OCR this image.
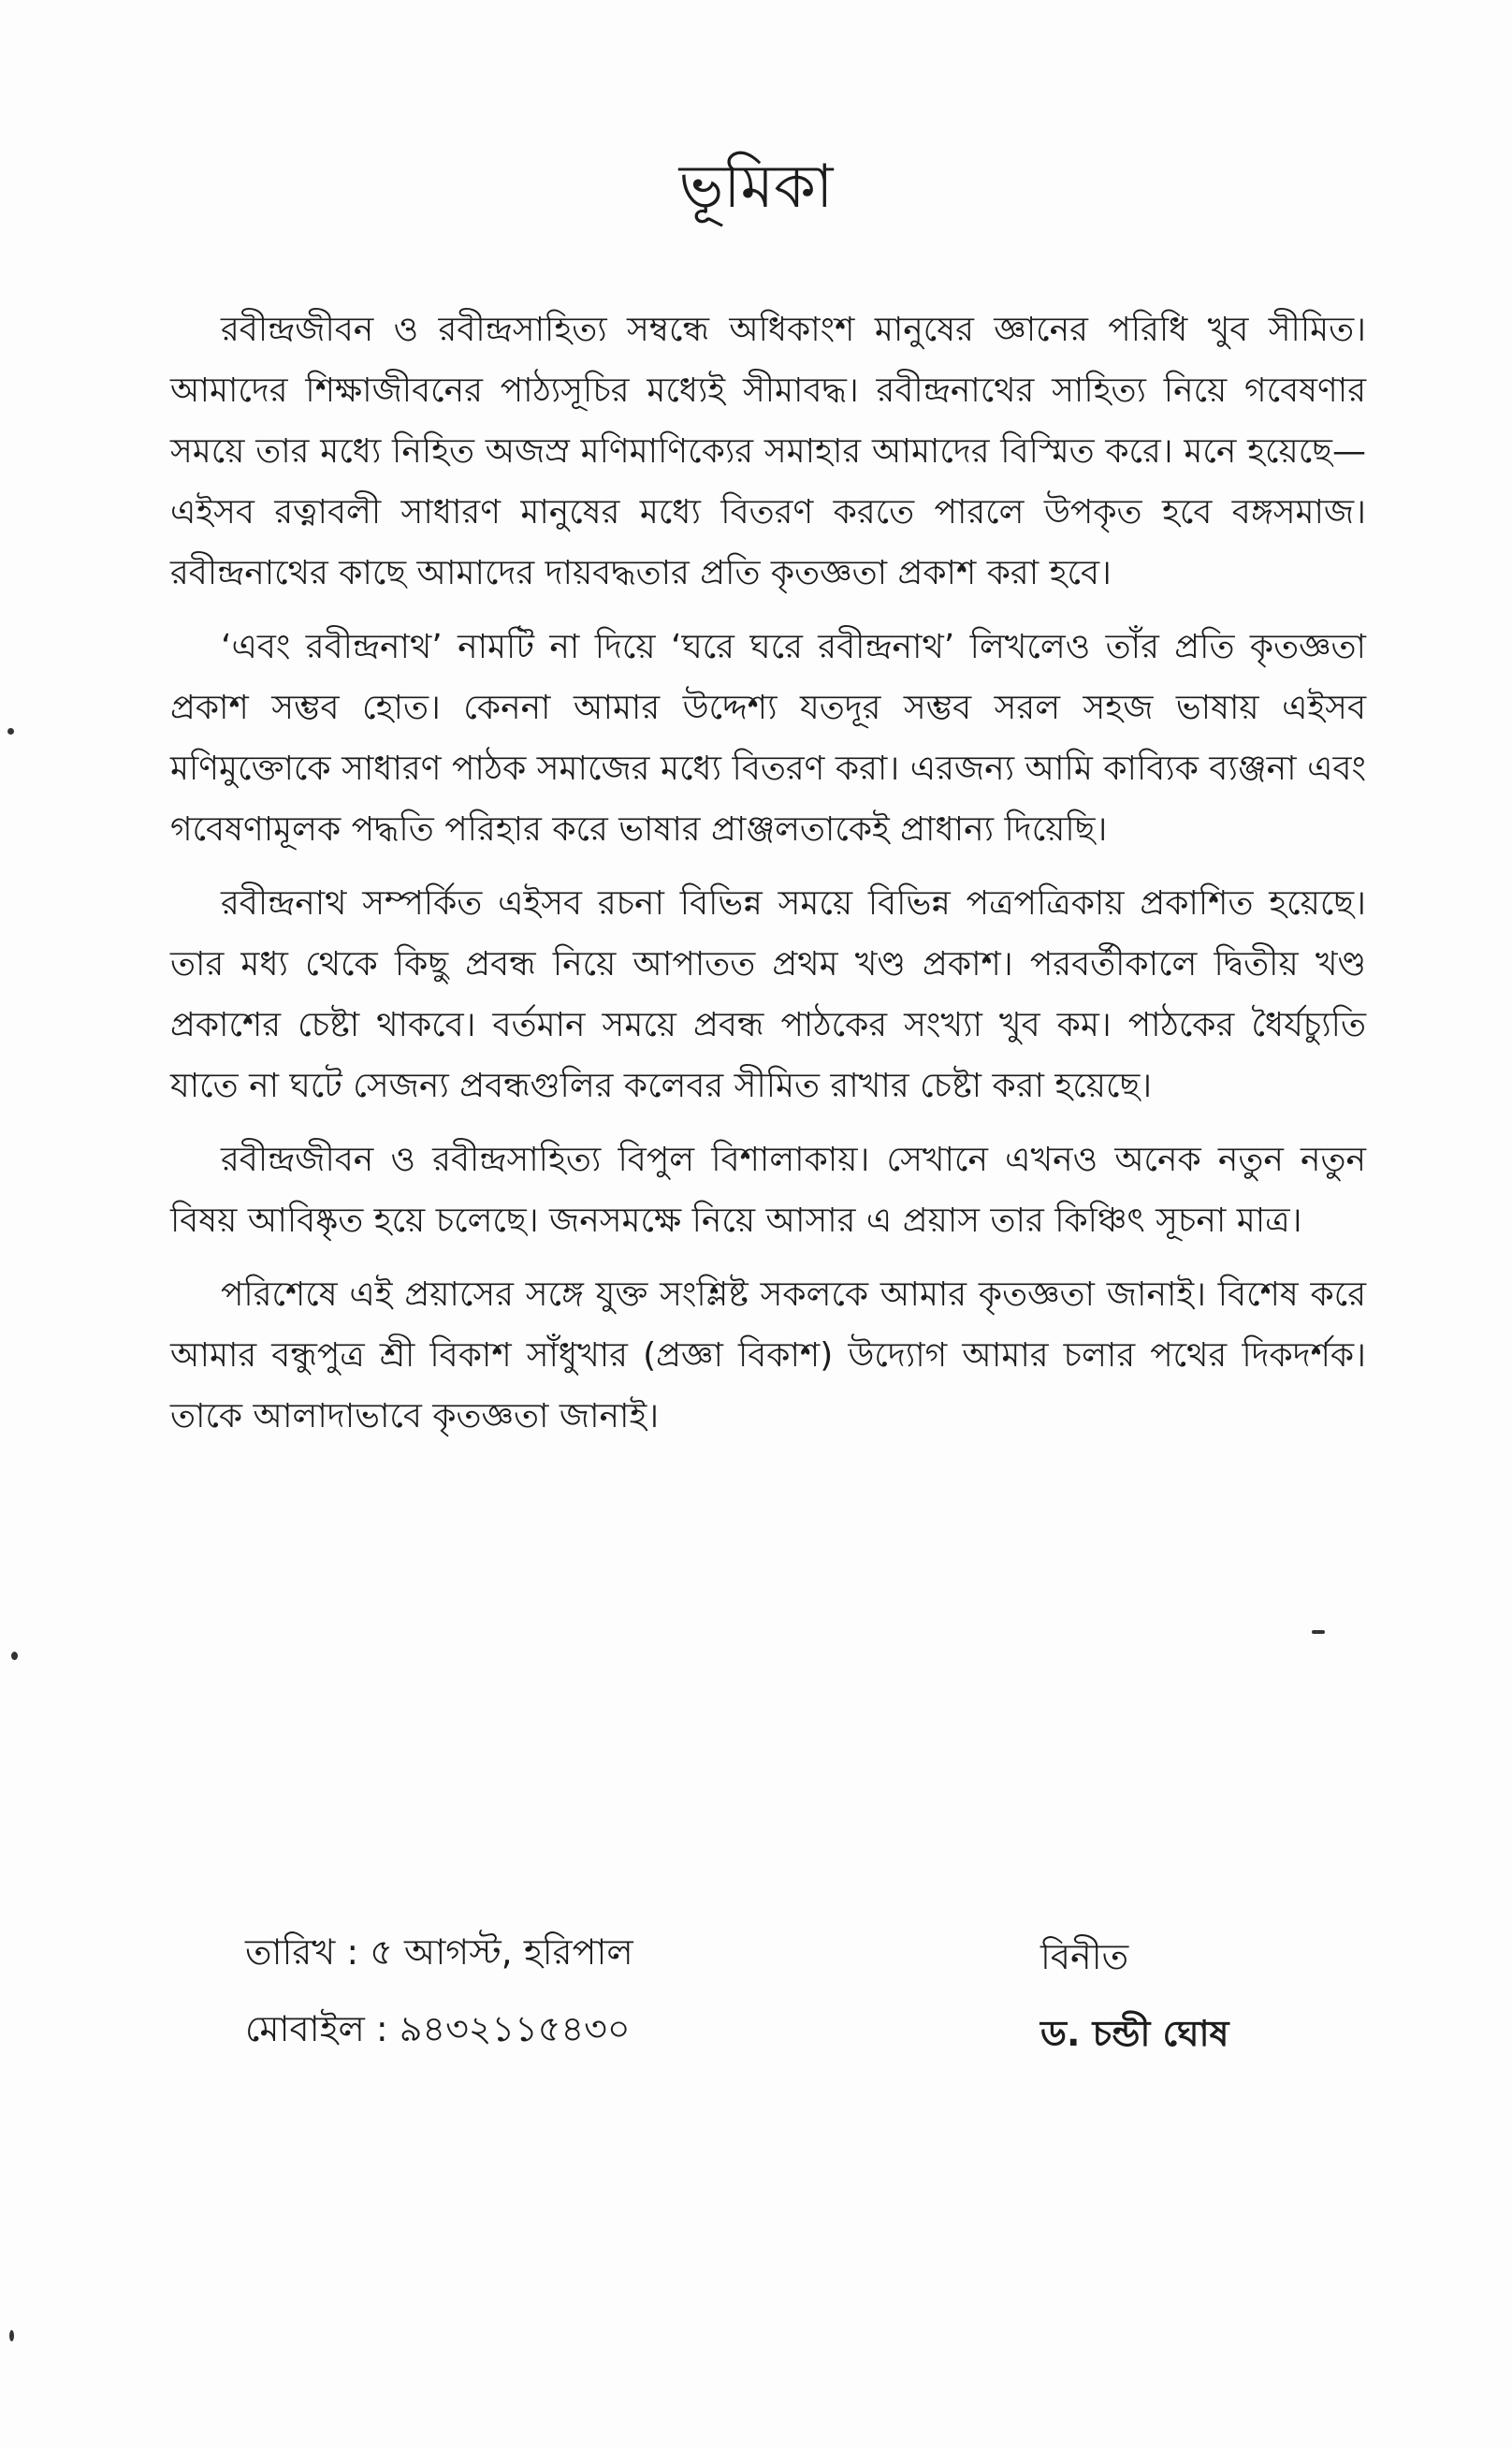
ভূমিকা

রবীন্দ্রজীবন ও রবীন্দ্রসাহিত্য সম্বন্ধে অধিকাংশ মানুষের জ্ঞানের পরিধি খুব সীমিত। আমাদের শিক্ষাজীবনের পাঠ্যসূচির মধ্যেই সীমাবদ্ধ। রবীন্দ্রনাথের সাহিত্য নিয়ে গবেষণার সময়ে তার মধ্যে নিহিত অজস্র মণিমাণিক্যের সমাহার আমাদের বিস্মিত করে। মনে হয়েছে—এইসব রত্নাবলী সাধারণ মানুষের মধ্যে বিতরণ করতে পারলে উপকৃত হবে বঙ্গসমাজ। রবীন্দ্রনাথের কাছে আমাদের দায়বদ্ধতার প্রতি কৃতজ্ঞতা প্রকাশ করা হবে।

‘এবং রবীন্দ্রনাথ’ নামটি না দিয়ে ‘ঘরে ঘরে রবীন্দ্রনাথ’ লিখলেও তাঁর প্রতি কৃতজ্ঞতা প্রকাশ সম্ভব হোত। কেননা আমার উদ্দেশ্য যতদূর সম্ভব সরল সহজ ভাষায় এইসব মণিমুক্তোকে সাধারণ পাঠক সমাজের মধ্যে বিতরণ করা। এরজন্য আমি কাব্যিক ব্যঞ্জনা এবং গবেষণামূলক পদ্ধতি পরিহার করে ভাষার প্রাঞ্জলতাকেই প্রাধান্য দিয়েছি।

রবীন্দ্রনাথ সম্পর্কিত এইসব রচনা বিভিন্ন সময়ে বিভিন্ন পত্রপত্রিকায় প্রকাশিত হয়েছে। তার মধ্য থেকে কিছু প্রবন্ধ নিয়ে আপাতত প্রথম খণ্ড প্রকাশ। পরবর্তীকালে দ্বিতীয় খণ্ড প্রকাশের চেষ্টা থাকবে। বর্তমান সময়ে প্রবন্ধ পাঠকের সংখ্যা খুব কম। পাঠকের ধৈর্যচ্যুতি যাতে না ঘটে সেজন্য প্রবন্ধগুলির কলেবর সীমিত রাখার চেষ্টা করা হয়েছে।

রবীন্দ্রজীবন ও রবীন্দ্রসাহিত্য বিপুল বিশালাকায়। সেখানে এখনও অনেক নতুন নতুন বিষয় আবিষ্কৃত হয়ে চলেছে। জনসমক্ষে নিয়ে আসার এ প্রয়াস তার কিঞ্চিৎ সূচনা মাত্র।

পরিশেষে এই প্রয়াসের সঙ্গে যুক্ত সংশ্লিষ্ট সকলকে আমার কৃতজ্ঞতা জানাই। বিশেষ করে আমার বন্ধুপুত্র শ্রী বিকাশ সাঁধুখার (প্রজ্ঞা বিকাশ) উদ্যোগ আমার চলার পথের দিকদর্শক। তাকে আলাদাভাবে কৃতজ্ঞতা জানাই।

তারিখ : ৫ আগস্ট, হরিপাল
মোবাইল : ৯৪৩২১১৫৪৩০
বিনীত
ড. চন্ডী ঘোষ
